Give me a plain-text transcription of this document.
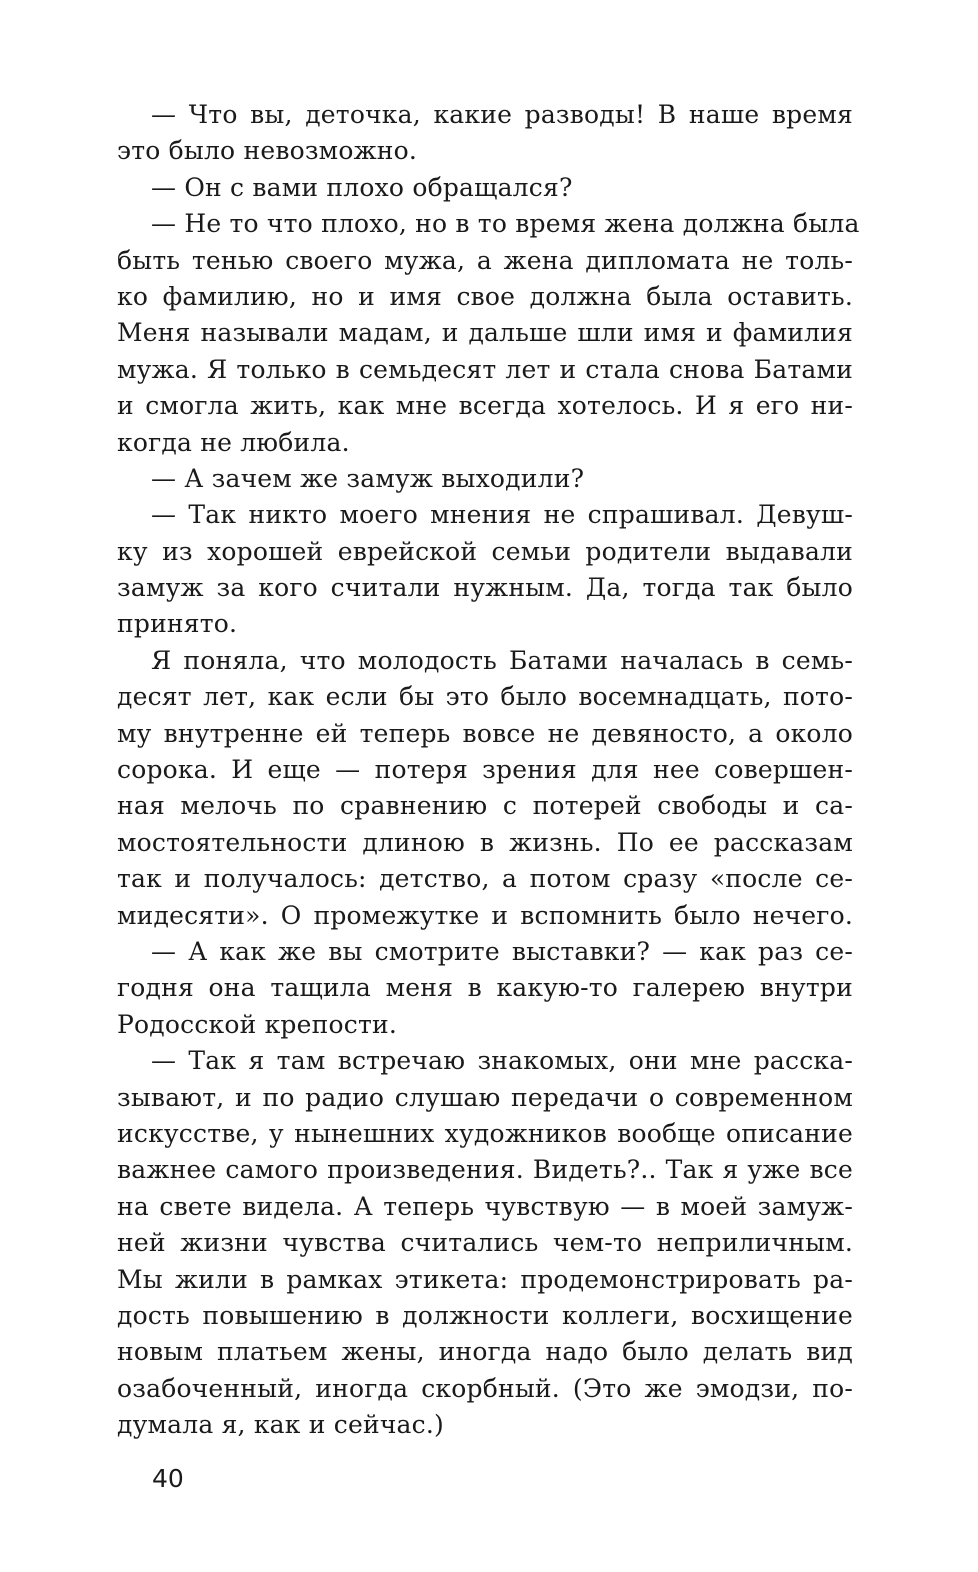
— Что вы, деточка, какие разводы! В наше время
это было невозможно.
— Он с вами плохо обращался?
— Не то что плохо, но в то время жена должна была
быть тенью своего мужа, а жена дипломата не толь-
ко фамилию, но и имя свое должна была оставить.
Меня называли мадам, и дальше шли имя и фамилия
мужа. Я только в семьдесят лет и стала снова Батами
и смогла жить, как мне всегда хотелось. И я его ни-
когда не любила.
— А зачем же замуж выходили?
— Так никто моего мнения не спрашивал. Девуш-
ку из хорошей еврейской семьи родители выдавали
замуж за кого считали нужным. Да, тогда так было
принято.
Я поняла, что молодость Батами началась в семь-
десят лет, как если бы это было восемнадцать, пото-
му внутренне ей теперь вовсе не девяносто, а около
сорока. И еще — потеря зрения для нее совершен-
ная мелочь по сравнению с потерей свободы и са-
мостоятельности длиною в жизнь. По ее рассказам
так и получалось: детство, а потом сразу «после се-
мидесяти». О промежутке и вспомнить было нечего.
— А как же вы смотрите выставки? — как раз се-
годня она тащила меня в какую-то галерею внутри
Родосской крепости.
— Так я там встречаю знакомых, они мне расска-
зывают, и по радио слушаю передачи о современном
искусстве, у нынешних художников вообще описание
важнее самого произведения. Видеть?.. Так я уже все
на свете видела. А теперь чувствую — в моей замуж-
ней жизни чувства считались чем-то неприличным.
Мы жили в рамках этикета: продемонстрировать ра-
дость повышению в должности коллеги, восхищение
новым платьем жены, иногда надо было делать вид
озабоченный, иногда скорбный. (Это же эмодзи, по-
думала я, как и сейчас.)
40
